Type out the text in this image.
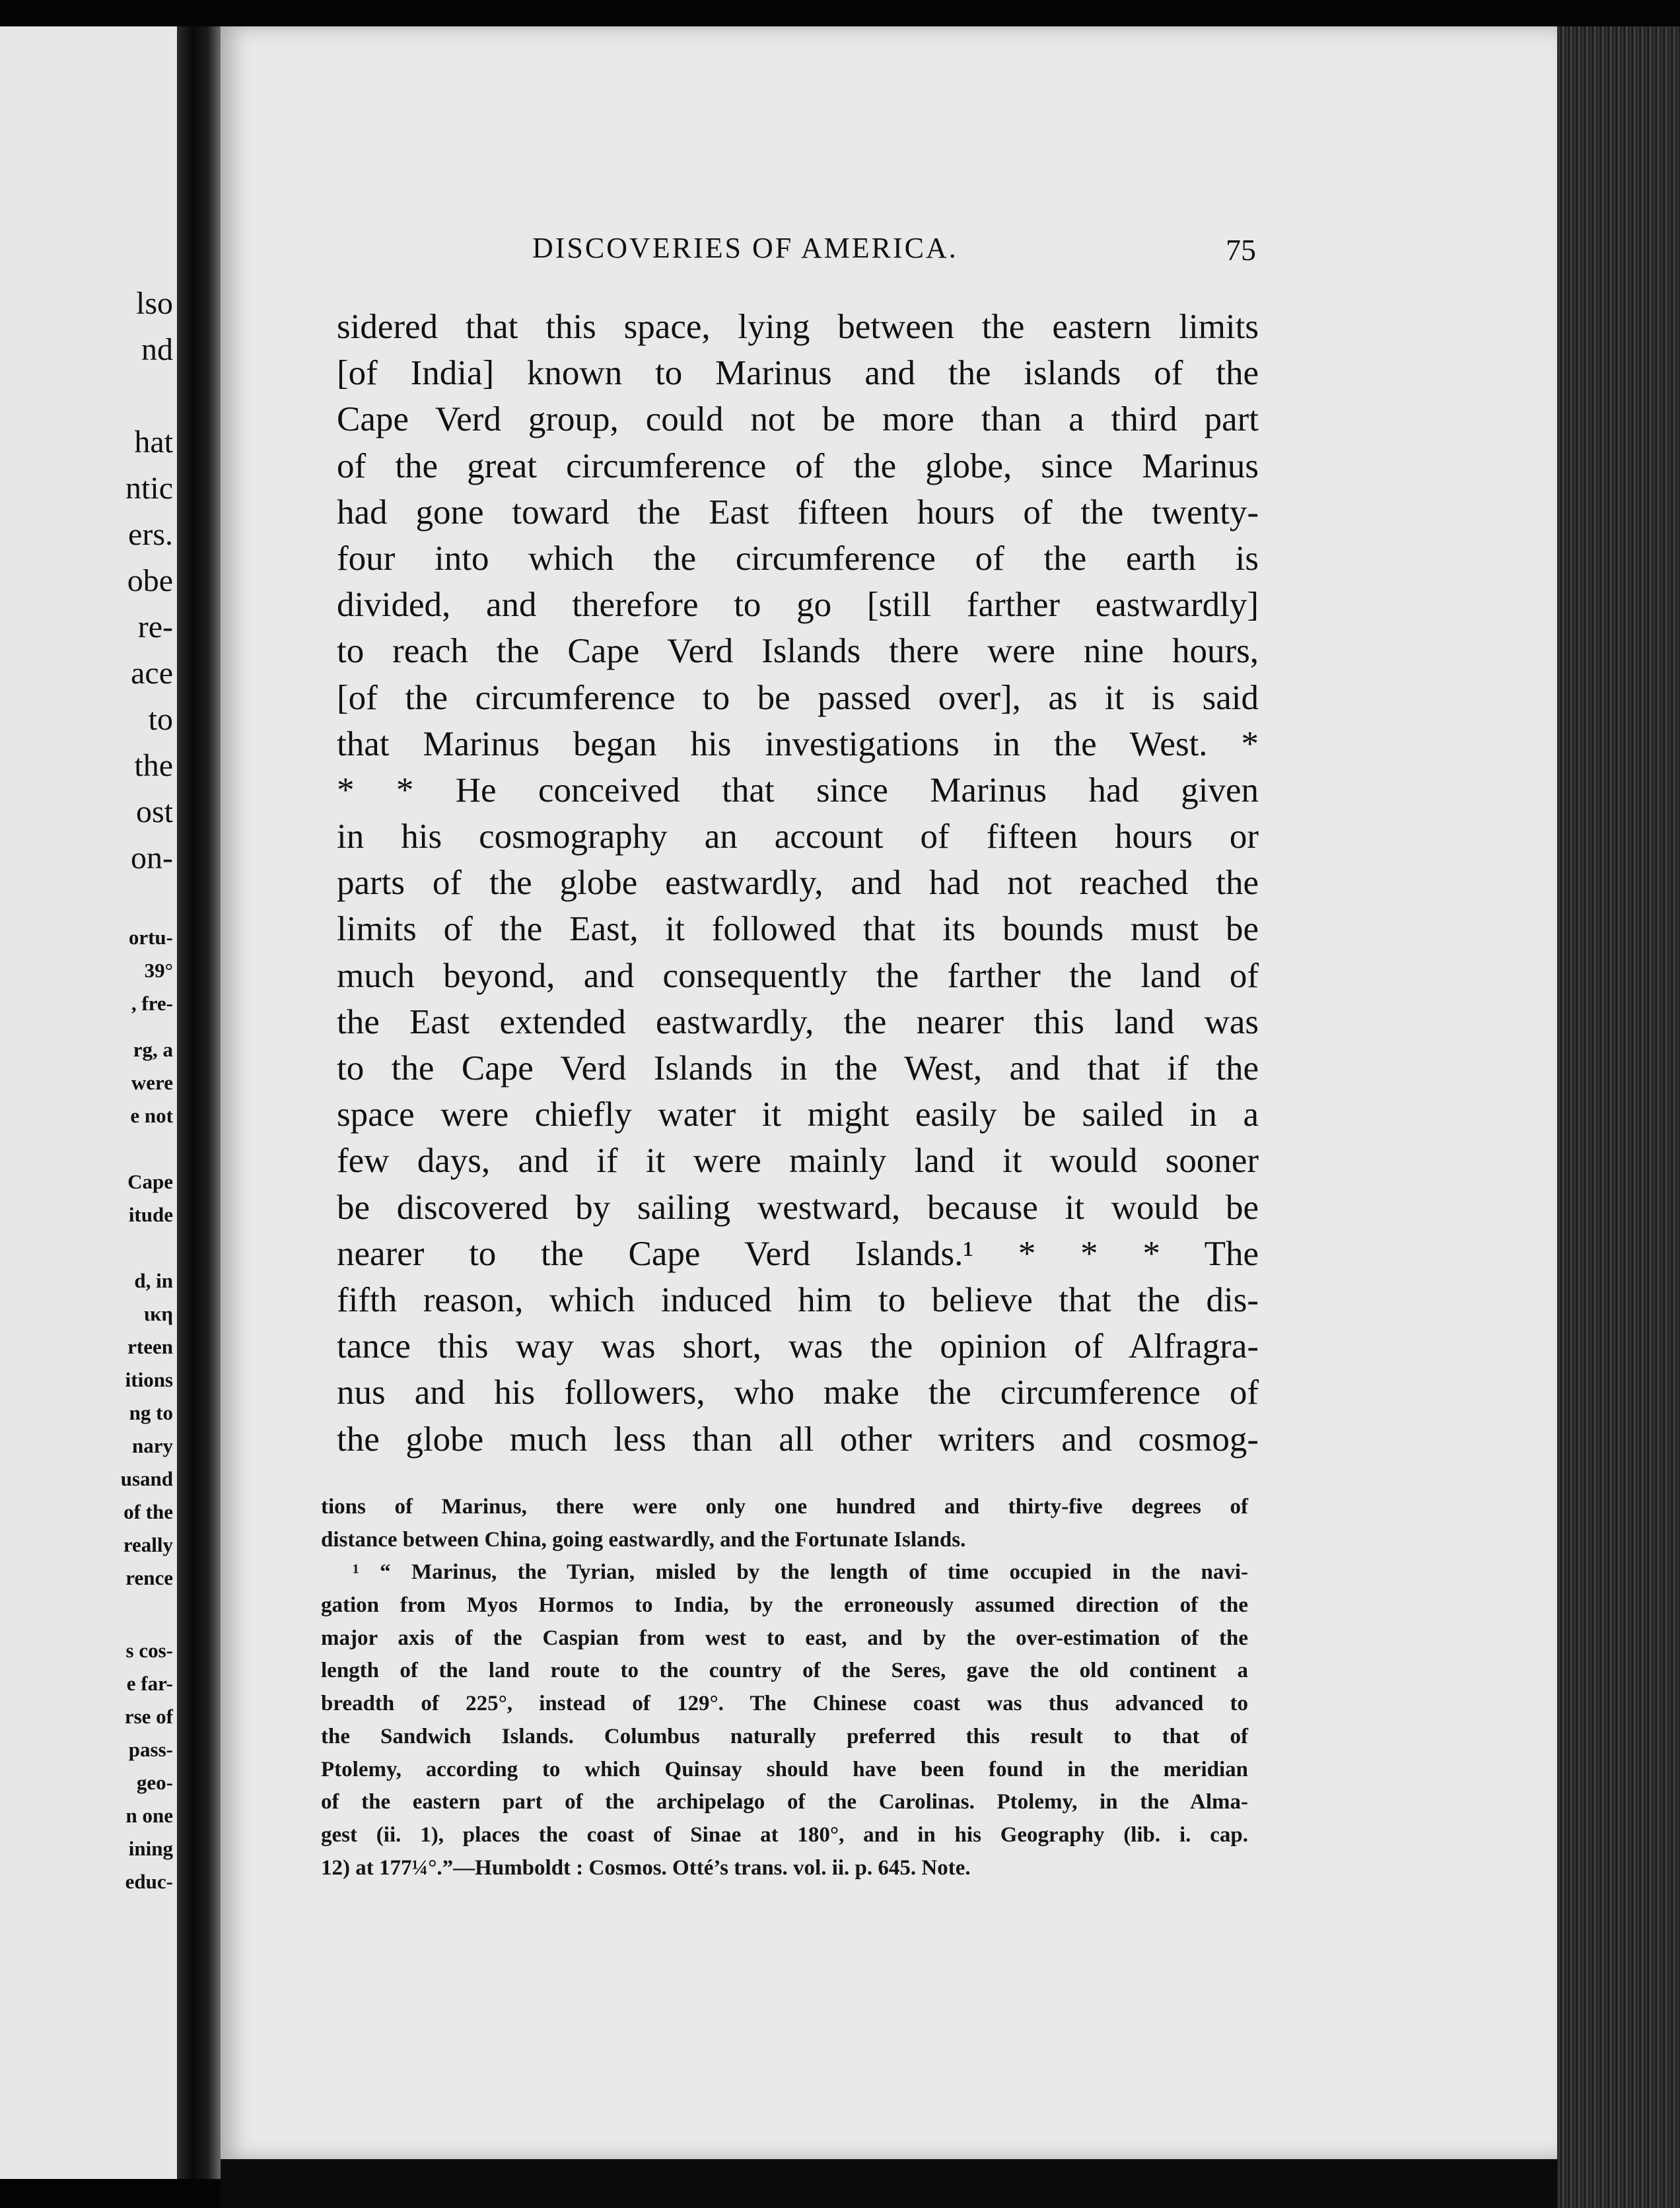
lso
nd
hat
ntic
ers.
obe
re-
ace
to
the
ost
on-
ortu-
39°
, fre-
rg, a
were
e not
Cape
itude
d, in
ικη
rteen
itions
ng to
nary
usand
of the
really
rence
s cos-
e far-
rse of
pass-
geo-
n one
ining
educ-
DISCOVERIES OF AMERICA.	75
sidered that this space, lying between the eastern limits
[of India] known to Marinus and the islands of the
Cape Verd group, could not be more than a third part
of the great circumference of the globe, since Marinus
had gone toward the East fifteen hours of the twenty-
four into which the circumference of the earth is
divided, and therefore to go [still farther eastwardly]
to reach the Cape Verd Islands there were nine hours,
[of the circumference to be passed over], as it is said
that Marinus began his investigations in the West. *
* * He conceived that since Marinus had given
in his cosmography an account of fifteen hours or
parts of the globe eastwardly, and had not reached the
limits of the East, it followed that its bounds must be
much beyond, and consequently the farther the land of
the East extended eastwardly, the nearer this land was
to the Cape Verd Islands in the West, and that if the
space were chiefly water it might easily be sailed in a
few days, and if it were mainly land it would sooner
be discovered by sailing westward, because it would be
nearer to the Cape Verd Islands.¹ * * * The
fifth reason, which induced him to believe that the dis-
tance this way was short, was the opinion of Alfragra-
nus and his followers, who make the circumference of
the globe much less than all other writers and cosmog-
tions of Marinus, there were only one hundred and thirty-five degrees of
distance between China, going eastwardly, and the Fortunate Islands.
¹ “ Marinus, the Tyrian, misled by the length of time occupied in the navi-
gation from Myos Hormos to India, by the erroneously assumed direction of the
major axis of the Caspian from west to east, and by the over-estimation of the
length of the land route to the country of the Seres, gave the old continent a
breadth of 225°, instead of 129°. The Chinese coast was thus advanced to
the Sandwich Islands. Columbus naturally preferred this result to that of
Ptolemy, according to which Quinsay should have been found in the meridian
of the eastern part of the archipelago of the Carolinas. Ptolemy, in the Alma-
gest (ii. 1), places the coast of Sinae at 180°, and in his Geography (lib. i. cap.
12) at 177¼°.”—Humboldt : Cosmos. Otté’s trans. vol. ii. p. 645. Note.
